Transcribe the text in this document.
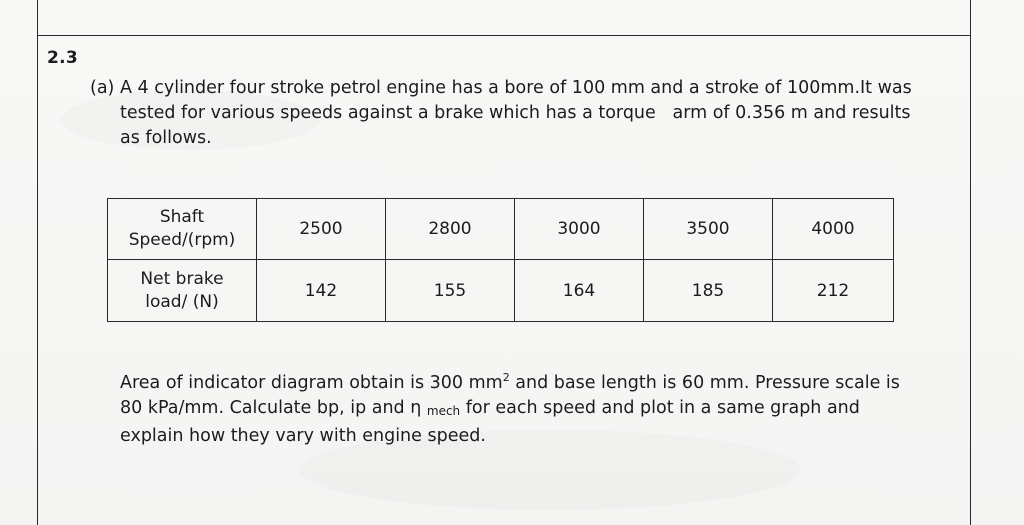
2.3
(a) A 4 cylinder four stroke petrol engine has a bore of 100 mm and a stroke of 100mm.It was
tested for various speeds against a brake which has a torque   arm of 0.356 m and results
as follows.
Shaft
Speed/(rpm)	2500	2800	3000	3500	4000

Net brake
load/ (N)	142	155	164	185	212
Area of indicator diagram obtain is 300 $mm^2$ and base length is 60 mm. Pressure scale is
80 kPa/mm. Calculate bp, ip and η mech for each speed and plot in a same graph and
explain how they vary with engine speed.
